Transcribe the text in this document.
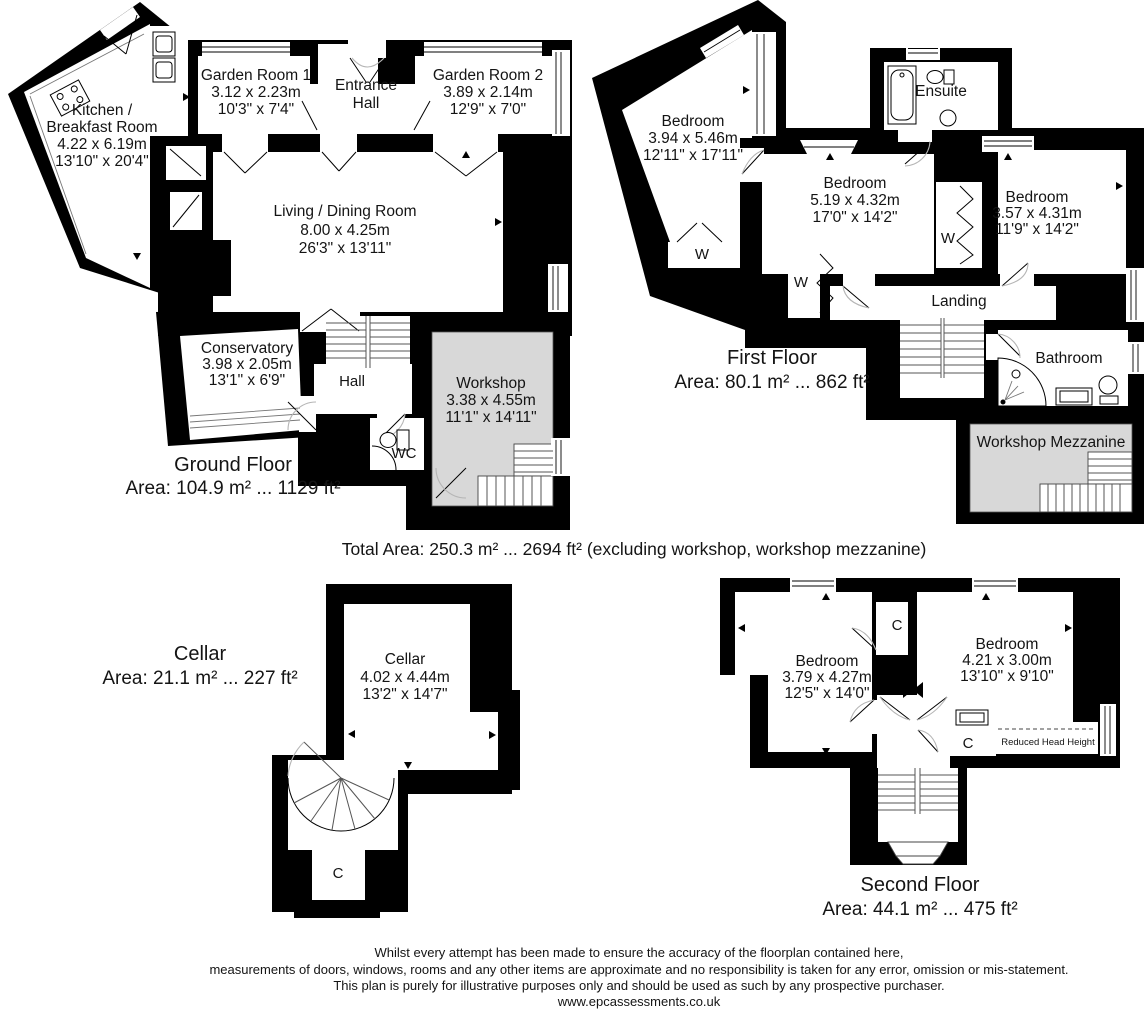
Kitchen /
Breakfast Room
4.22 x 6.19m
13'10" x 20'4"
Garden Room 1
3.12 x 2.23m
10'3" x 7'4"
Entrance
Hall
Garden Room 2
3.89 x 2.14m
12'9" x 7'0"
Living / Dining Room
8.00 x 4.25m
26'3" x 13'11"
Conservatory
3.98 x 2.05m
13'1" x 6'9"	Hall
WC
Workshop
3.38 x 4.55m
11'1" x 14'11"
Ground Floor
Area: 104.9 m² ... 1129 ft²
Bedroom
3.94 x 5.46m
12'11" x 17'11"
Ensuite
Bedroom
5.19 x 4.32m
17'0" x 14'2"
Bedroom
3.57 x 4.31m
11'9" x 14'2"
W
W
W
Landing
Bathroom
Workshop Mezzanine
First Floor
Area: 80.1 m² ... 862 ft²
Cellar
4.02 x 4.44m
13'2" x 14'7"
C
Cellar
Area: 21.1 m² ... 227 ft²
Bedroom
3.79 x 4.27m
12'5" x 14'0"
Bedroom
4.21 x 3.00m
13'10" x 9'10"
C
C	Reduced Head Height
Second Floor
Area: 44.1 m² ... 475 ft²
Total Area: 250.3 m² ... 2694 ft² (excluding workshop, workshop mezzanine)
Whilst every attempt has been made to ensure the accuracy of the floorplan contained here,
measurements of doors, windows, rooms and any other items are approximate and no responsibility is taken for any error, omission or mis-statement.
This plan is purely for illustrative purposes only and should be used as such by any prospective purchaser.
www.epcassessments.co.uk
